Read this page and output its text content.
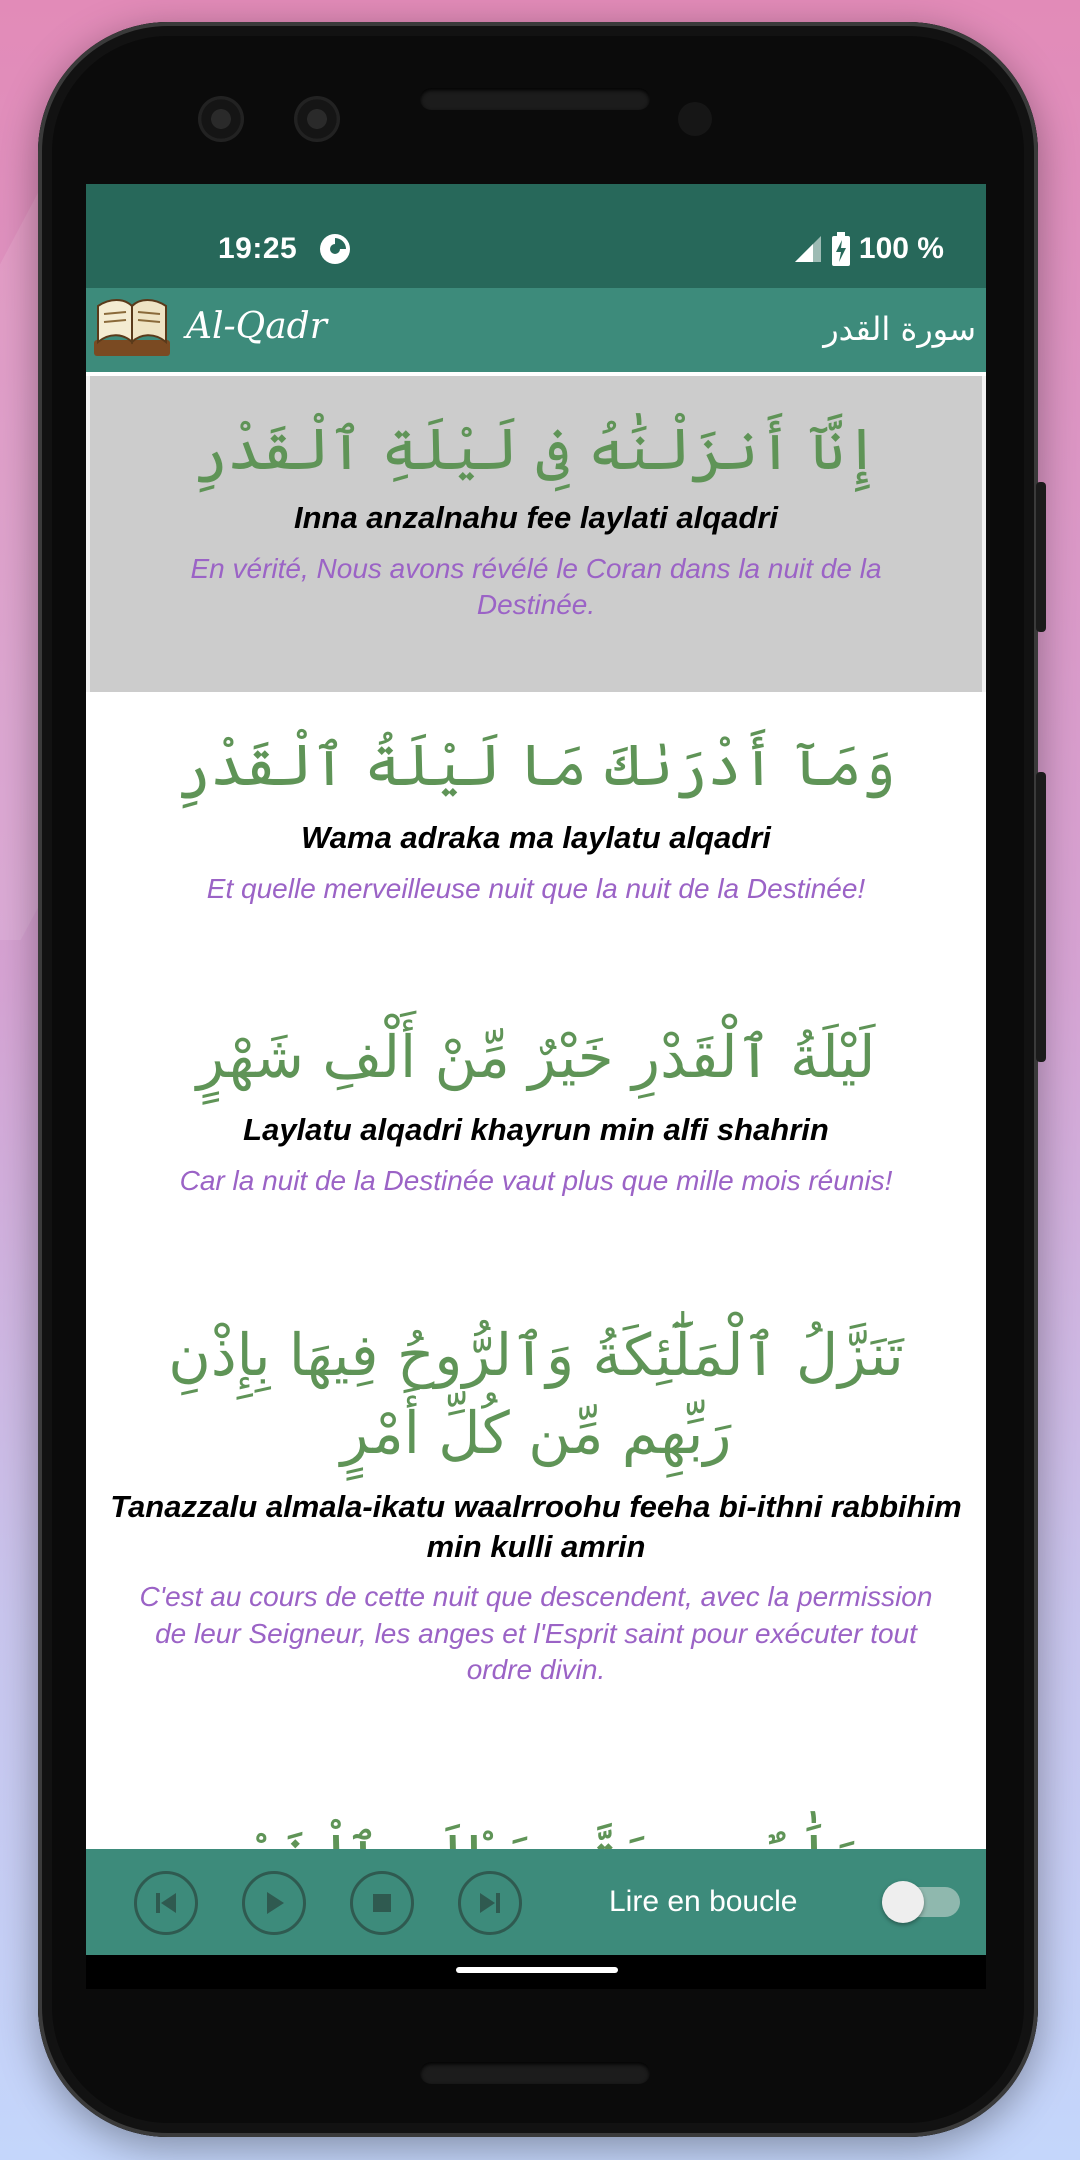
19:25	100 %
Al-Qadr	سورة القدر
إِنَّآ أَنزَلْنَٰهُ فِى لَيْلَةِ ٱلْقَدْرِ
Inna anzalnahu fee laylati alqadri
En vérité, Nous avons révélé le Coran dans la nuit de la Destinée.
وَمَآ أَدْرَىٰكَ مَا لَيْلَةُ ٱلْقَدْرِ
Wama adraka ma laylatu alqadri
Et quelle merveilleuse nuit que la nuit de la Destinée!
لَيْلَةُ ٱلْقَدْرِ خَيْرٌ مِّنْ أَلْفِ شَهْرٍ
Laylatu alqadri khayrun min alfi shahrin
Car la nuit de la Destinée vaut plus que mille mois réunis!
تَنَزَّلُ ٱلْمَلَٰٓئِكَةُ وَٱلرُّوحُ فِيهَا بِإِذْنِ رَبِّهِم مِّن كُلِّ أَمْرٍ
Tanazzalu almala-ikatu waalrroohu feeha bi-ithni rabbihim min kulli amrin
C'est au cours de cette nuit que descendent, avec la permission de leur Seigneur, les anges et l'Esprit saint pour exécuter tout ordre divin.
Lire en boucle
